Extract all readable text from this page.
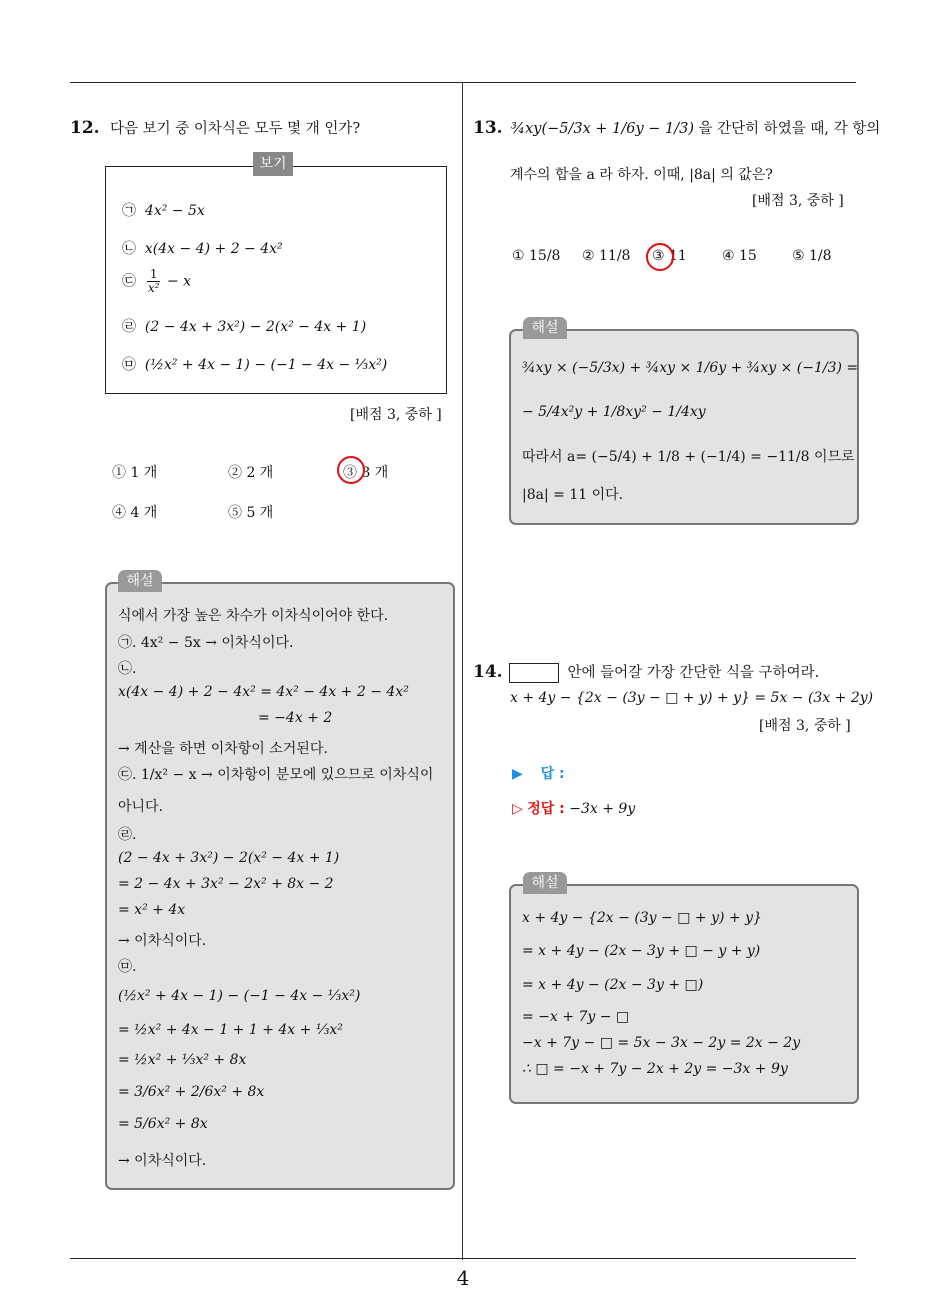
12. 다음 보기 중 이차식은 모두 몇 개 인가?
보기
㉠ 4x² − 5x
㉡ x(4x − 4) + 2 − 4x²
㉢ $\frac{1}{\text{x²}} - x$
㉣ (2 − 4x + 3x²) − 2(x² − 4x + 1)
㉤ (½x² + 4x − 1) − (−1 − 4x − ⅓x²)
[배점 3, 중하 ]
① 1 개	② 2 개	③ 3 개
④ 4 개	⑤ 5 개
해설
식에서 가장 높은 차수가 이차식이어야 한다.
㉠. 4x² − 5x → 이차식이다.
㉡.
x(4x − 4) + 2 − 4x² = 4x² − 4x + 2 − 4x²
= −4x + 2
→ 계산을 하면 이차항이 소거된다.
㉢. 1/x² − x → 이차항이 분모에 있으므로 이차식이
아니다.
㉣.
(2 − 4x + 3x²) − 2(x² − 4x + 1)
= 2 − 4x + 3x² − 2x² + 8x − 2
= x² + 4x
→ 이차식이다.
㉤.
(½x² + 4x − 1) − (−1 − 4x − ⅓x²)
= ½x² + 4x − 1 + 1 + 4x + ⅓x²
= ½x² + ⅓x² + 8x
= 3/6x² + 2/6x² + 8x
= 5/6x² + 8x
→ 이차식이다.
13. ¾xy(−5/3x + 1/6y − 1/3) 을 간단히 하였을 때, 각 항의
계수의 합을 a 라 하자. 이때, |8a| 의 값은?
[배점 3, 중하 ]
① 15/8 ② 11/8 ③ 11	④ 15	⑤ 1/8
해설
¾xy × (−5/3x) + ¾xy × 1/6y + ¾xy × (−1/3) =
− 5/4x²y + 1/8xy² − 1/4xy
따라서 a= (−5/4) + 1/8 + (−1/4) = −11/8 이므로
|8a| = 11 이다.
14.	안에 들어갈 가장 간단한 식을 구하여라.
x + 4y − {2x − (3y − □ + y) + y} = 5x − (3x + 2y)
[배점 3, 중하 ]
▶ 답 :
▷ 정답 : −3x + 9y
해설
x + 4y − {2x − (3y − □ + y) + y}
= x + 4y − (2x − 3y + □ − y + y)
= x + 4y − (2x − 3y + □)
= −x + 7y − □
−x + 7y − □ = 5x − 3x − 2y = 2x − 2y
∴ □ = −x + 7y − 2x + 2y = −3x + 9y
4
